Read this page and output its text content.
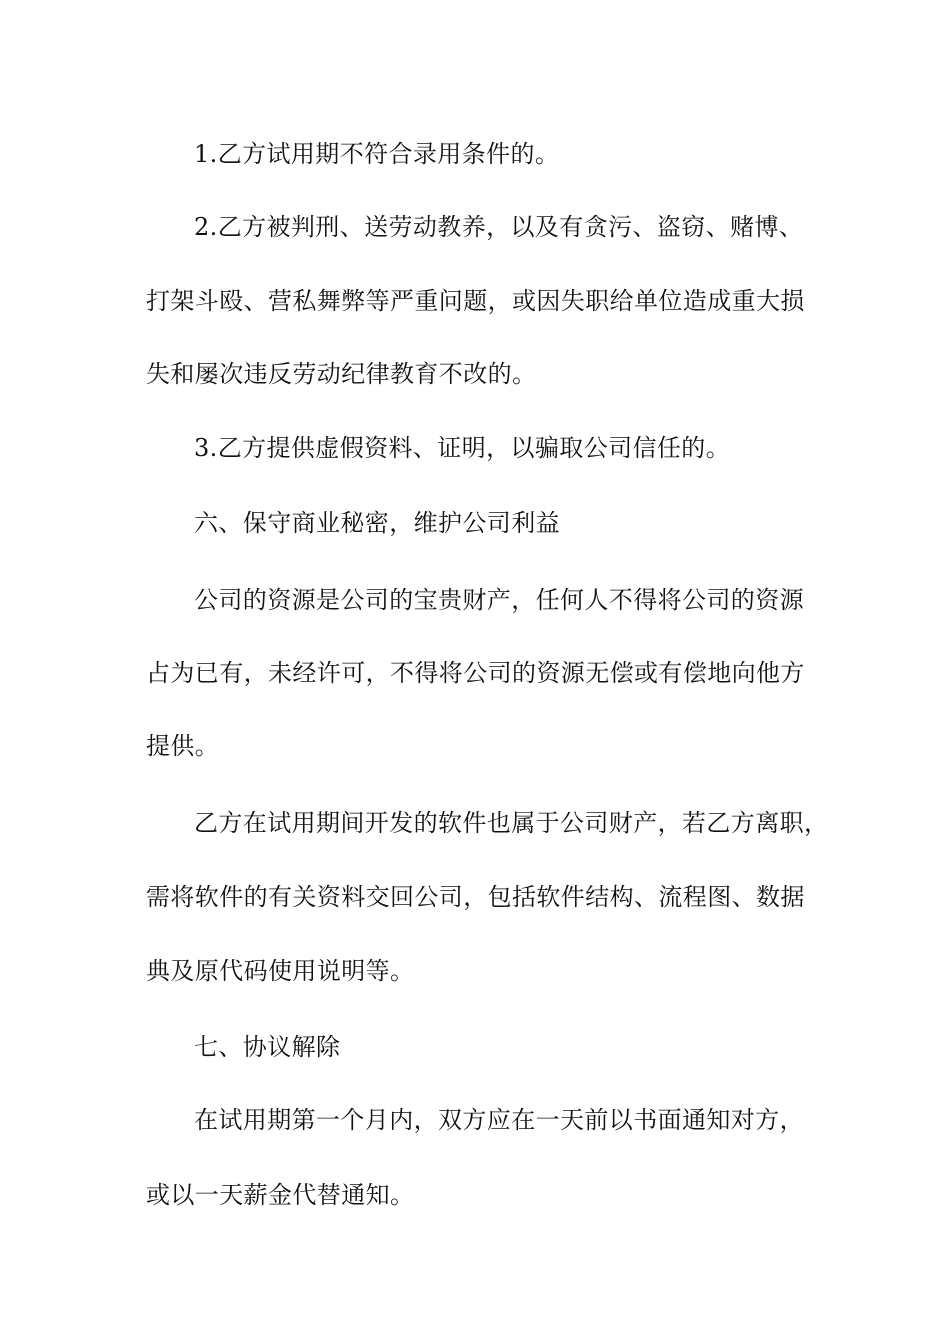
1.乙方试用期不符合录用条件的。
2.乙方被判刑、送劳动教养，以及有贪污、盗窃、赌博、
打架斗殴、营私舞弊等严重问题，或因失职给单位造成重大损
失和屡次违反劳动纪律教育不改的。
3.乙方提供虚假资料、证明，以骗取公司信任的。
六、保守商业秘密，维护公司利益
公司的资源是公司的宝贵财产，任何人不得将公司的资源
占为已有，未经许可，不得将公司的资源无偿或有偿地向他方
提供。
乙方在试用期间开发的软件也属于公司财产，若乙方离职，
需将软件的有关资料交回公司，包括软件结构、流程图、数据
典及原代码使用说明等。
七、协议解除
在试用期第一个月内，双方应在一天前以书面通知对方，
或以一天薪金代替通知。
